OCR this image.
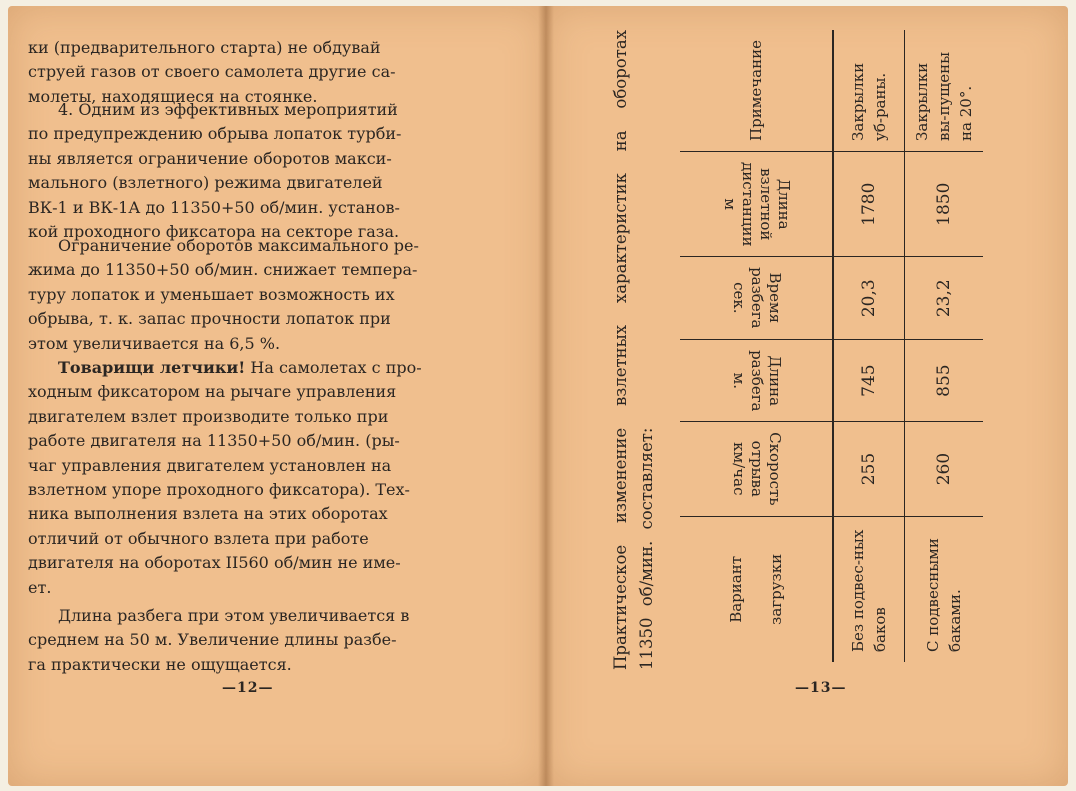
ки (предварительного старта) не обдувай
струей газов от своего самолета другие са-
молеты, находящиеся на стоянке.

4. Одним из эффективных мероприятий
по предупреждению обрыва лопаток турби-
ны является ограничение оборотов макси-
мального (взлетного) режима двигателей
ВК-1 и ВК-1А до 11350+50 об/мин. установ-
кой проходного фиксатора на секторе газа.

Ограничение оборотов максимального ре-
жима до 11350+50 об/мин. снижает темпера-
туру лопаток и уменьшает возможность их
обрыва, т. к. запас прочности лопаток при
этом увеличивается на 6,5 %.

Товарищи летчики! На самолетах с про-
ходным фиксатором на рычаге управления
двигателем взлет производите только при
работе двигателя на 11350+50 об/мин. (ры-
чаг управления двигателем установлен на
взлетном упоре проходного фиксатора). Тех-
ника выполнения взлета на этих оборотах
отличий от обычного взлета при работе
двигателя на оборотах II560 об/мин не име-
ет.

Длина разбега при этом увеличивается в
среднем на 50 м. Увеличение длины разбе-
га практически не ощущается.

—12—

Практическое изменение взлетных характеристик на оборотах 11350 об/мин. составляет:	Вариант загрузки	Скорость отрыва км/час	Длина разбега м.	Время разбега сек.	Длина взлетной дистанции м	Примечание
Без подвес-ных баков	255	745	20,3	1780	Закрылки уб-раны.
С подвесными баками.	260	855	23,2	1850	Закрылки вы-пущены на 20°.
—13—
